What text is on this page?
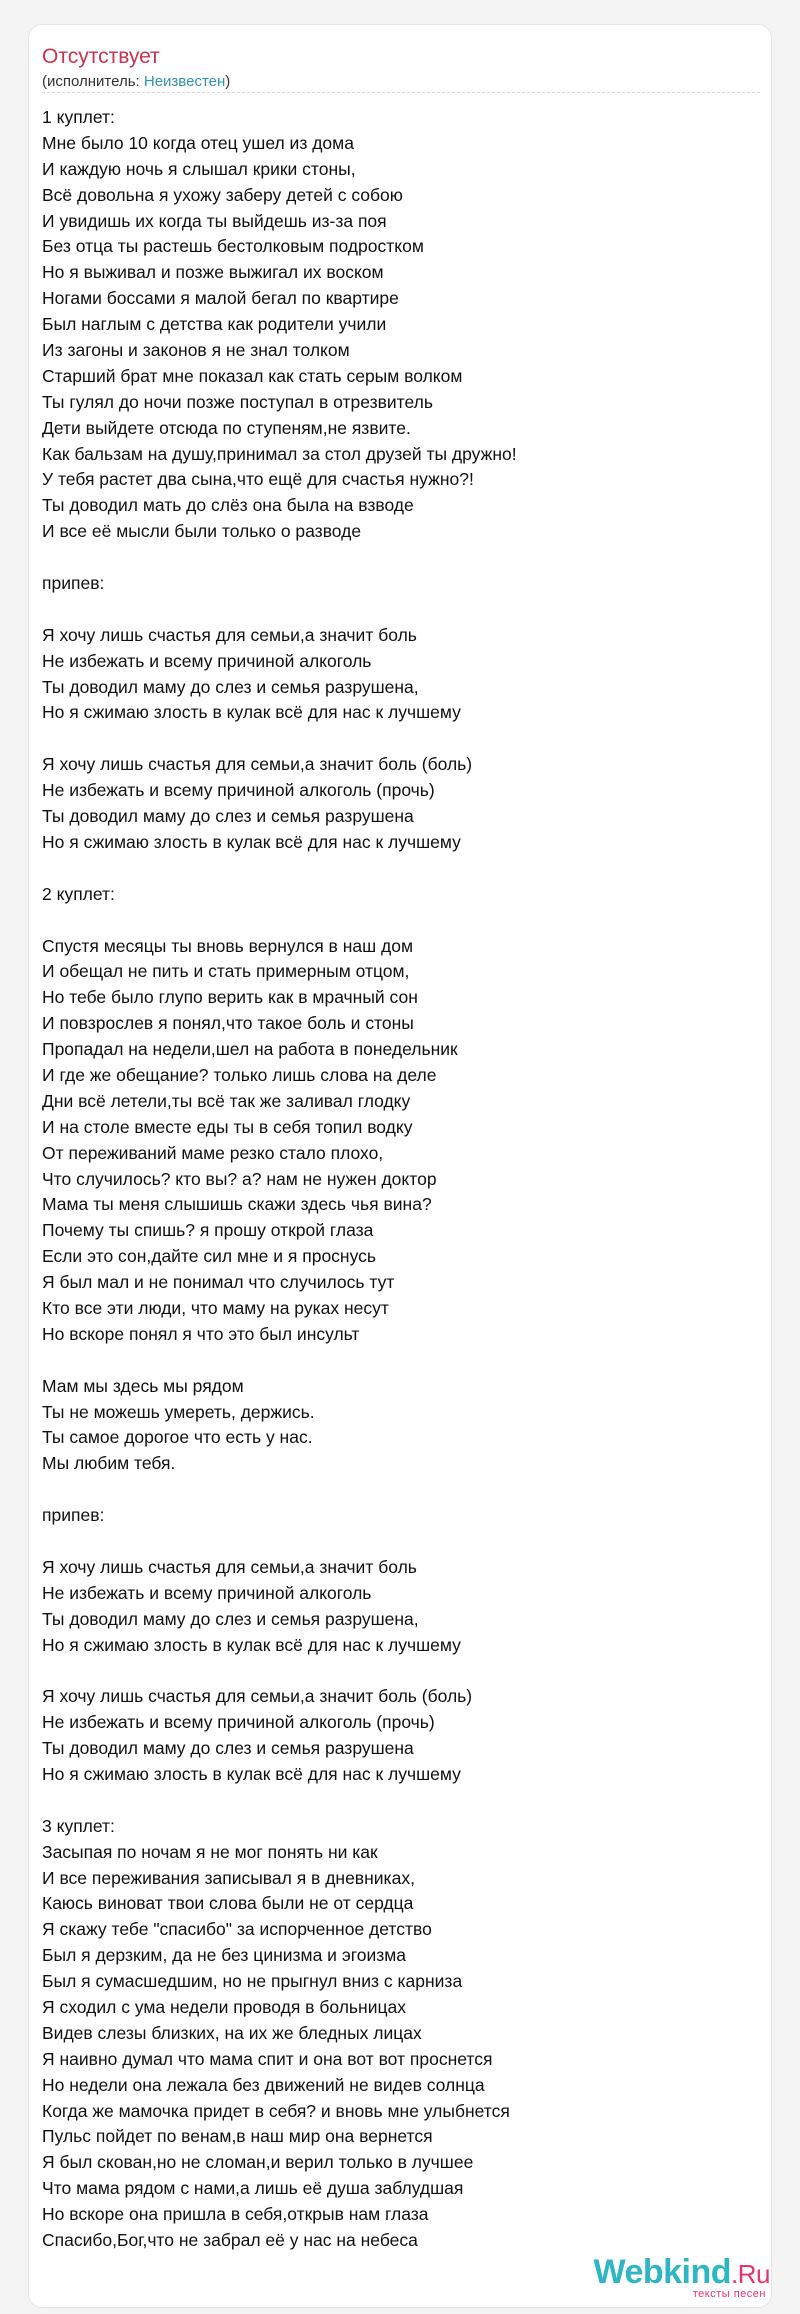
Отсутствует
(исполнитель: Неизвестен)
1 куплет:
Мне было 10 когда отец ушел из дома
И каждую ночь я слышал крики стоны,
Всё довольна я ухожу заберу детей с собою
И увидишь их когда ты выйдешь из-за поя
Без отца ты растешь бестолковым подростком
Но я выживал и позже выжигал их воском
Ногами боссами я малой бегал по квартире
Был наглым с детства как родители учили
Из загоны и законов я не знал толком
Старший брат мне показал как стать серым волком
Ты гулял до ночи позже поступал в отрезвитель
Дети выйдете отсюда по ступеням,не язвите.
Как бальзам на душу,принимал за стол друзей ты дружно!
У тебя растет два сына,что ещё для счастья нужно?!
Ты доводил мать до слёз она была на взводе
И все её мысли были только о разводе
припев:
Я хочу лишь счастья для семьи,а значит боль
Не избежать и всему причиной алкоголь
Ты доводил маму до слез и семья разрушена,
Но я сжимаю злость в кулак всё для нас к лучшему
Я хочу лишь счастья для семьи,а значит боль (боль)
Не избежать и всему причиной алкоголь (прочь)
Ты доводил маму до слез и семья разрушена
Но я сжимаю злость в кулак всё для нас к лучшему
2 куплет:
Спустя месяцы ты вновь вернулся в наш дом
И обещал не пить и стать примерным отцом,
Но тебе было глупо верить как в мрачный сон
И повзрослев я понял,что такое боль и стоны
Пропадал на недели,шел на работа в понедельник
И где же обещание? только лишь слова на деле
Дни всё летели,ты всё так же заливал глодку
И на столе вместе еды ты в себя топил водку
От переживаний маме резко стало плохо,
Что случилось? кто вы? а? нам не нужен доктор
Мама ты меня слышишь скажи здесь чья вина?
Почему ты спишь? я прошу открой глаза
Если это сон,дайте сил мне и я проснусь
Я был мал и не понимал что случилось тут
Кто все эти люди, что маму на руках несут
Но вскоре понял я что это был инсульт
Мам мы здесь мы рядом
Ты не можешь умереть, держись.
Ты самое дорогое что есть у нас.
Мы любим тебя.
припев:
Я хочу лишь счастья для семьи,а значит боль
Не избежать и всему причиной алкоголь
Ты доводил маму до слез и семья разрушена,
Но я сжимаю злость в кулак всё для нас к лучшему
Я хочу лишь счастья для семьи,а значит боль (боль)
Не избежать и всему причиной алкоголь (прочь)
Ты доводил маму до слез и семья разрушена
Но я сжимаю злость в кулак всё для нас к лучшему
3 куплет:
Засыпая по ночам я не мог понять ни как
И все переживания записывал я в дневниках,
Каюсь виноват твои слова были не от сердца
Я скажу тебе "спасибо" за испорченное детство
Был я дерзким, да не без цинизма и эгоизма
Был я сумасшедшим, но не прыгнул вниз с карниза
Я сходил с ума недели проводя в больницах
Видев слезы близких, на их же бледных лицах
Я наивно думал что мама спит и она вот вот проснется
Но недели она лежала без движений не видев солнца
Когда же мамочка придет в себя? и вновь мне улыбнется
Пульс пойдет по венам,в наш мир она вернется
Я был скован,но не сломан,и верил только в лучшее
Что мама рядом с нами,а лишь её душа заблудшая
Но вскоре она пришла в себя,открыв нам глаза
Спасибо,Бог,что не забрал её у нас на небеса
Webkind.Ru
тексты песен
